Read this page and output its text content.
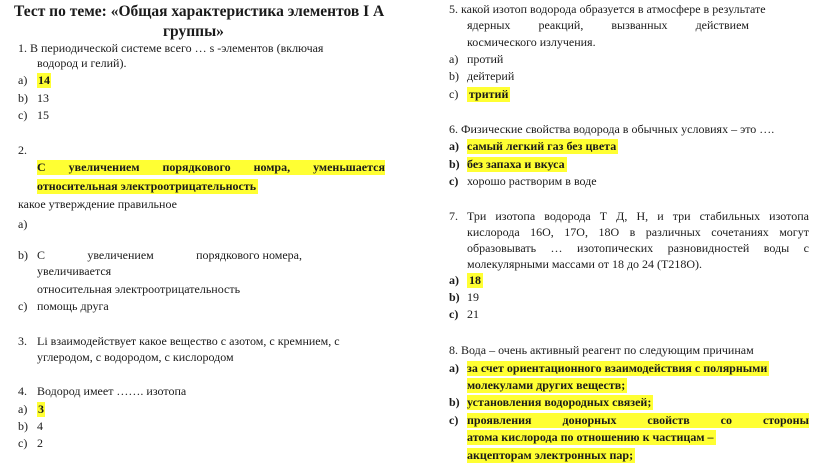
Тест по теме: «Общая характеристика элементов I А
группы»
1. В периодической системе всего … s -элементов (включая
водород и гелий).
a) 14
b) 13
c) 15
2.
С увеличением порядкового номра, уменьшается
относительная электроотрицательность
какое утверждение правильное
a)
b) С	увеличением	порядкового номера,
увеличивается
относительная электроотрицательность
c) помощь друга
3. Li взаимодействует какое вещество с азотом, с кремнием, с
углеродом, с водородом, с кислородом
4. Водород имеет ……. изотопа
a) 3
b) 4
c) 2
5. какой изотоп водорода образуется в атмосфере в результате
ядерных реакций, вызванных действием
космического излучения.
a) протий
b) дейтерий
c) тритий
6. Физические свойства водорода в обычных условиях – это ….
a) самый легкий газ без цвета
b) без запаха и вкуса
c) хорошо растворим в воде
7. Три изотопа водорода Т Д, Н, и три стабильных изотопа
кислорода 16O, 17O, 18O в различных сочетаниях могут
образовывать … изотопических разновидностей воды с
молекулярными массами от 18 до 24 (Т218O).
a) 18
b) 19
c) 21
8. Вода – очень активный реагент по следующим причинам
a) за счет ориентационного взаимодействия с полярными
молекулами других веществ;
b) установления водородных связей;
c) проявления	донорных	свойств	со	стороны
атома кислорода по отношению к частицам –
акцепторам электронных пар;
